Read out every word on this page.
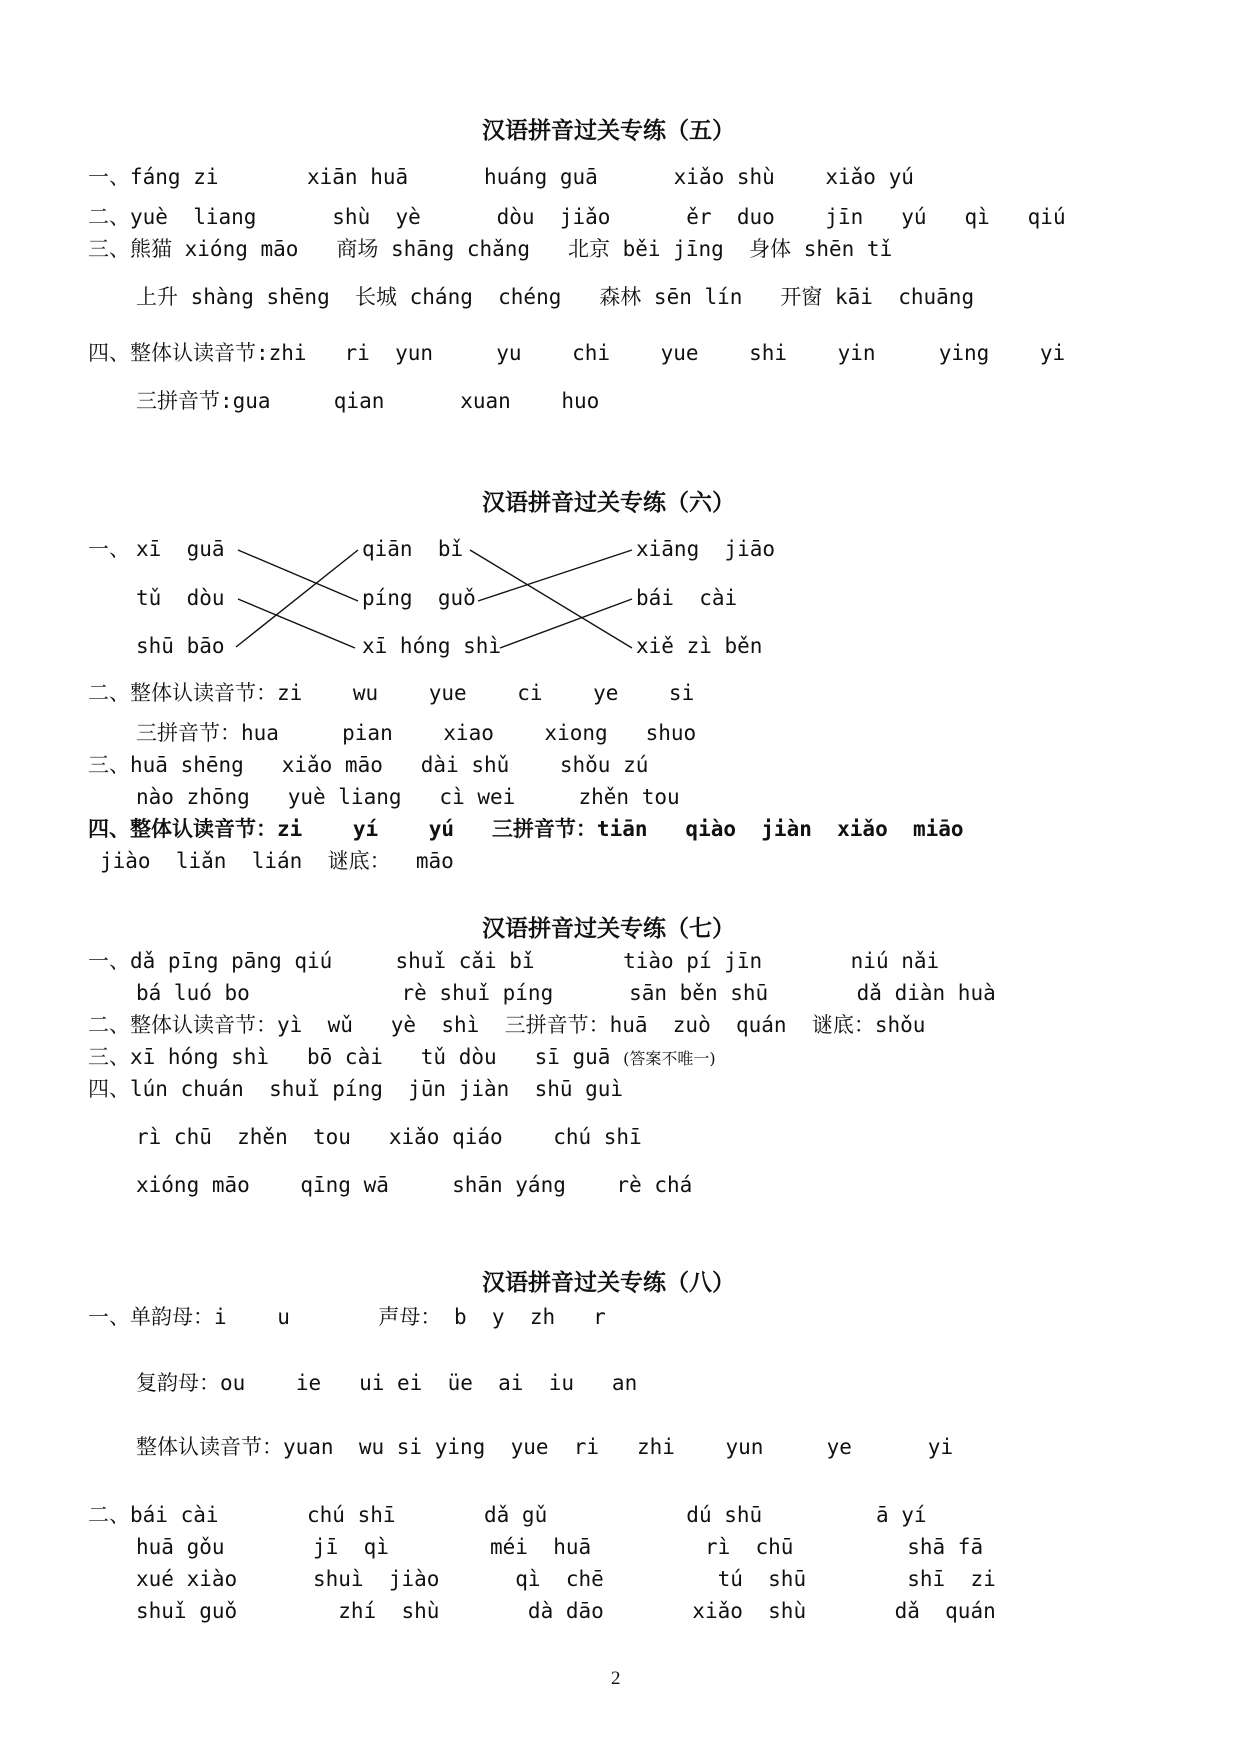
汉语拼音过关专练（五）
一、fáng zi       xiān huā      huáng guā      xiǎo shù    xiǎo yú
二、yuè  liang      shù  yè      dòu  jiǎo      ěr  duo    jīn   yú   qì   qiú
三、熊猫 xióng māo   商场 shāng chǎng   北京 běi jīng  身体 shēn tǐ
上升 shàng shēng  长城 cháng  chéng   森林 sēn lín   开窗 kāi  chuāng
四、整体认读音节:zhi   ri  yun     yu    chi    yue    shi    yin     ying    yi
三拼音节:gua     qian      xuan    huo
汉语拼音过关专练（六）
一、 xī  guā
tǔ  dòu
shū bāo
qiān  bǐ
píng  guǒ
xī hóng shì
xiāng  jiāo
bái  cài
xiě zì běn
二、整体认读音节：zi    wu    yue    ci    ye    si
三拼音节：hua     pian    xiao    xiong   shuo
三、huā shēng   xiǎo māo   dài shǔ    shǒu zú
nào zhōng   yuè liang   cì wei     zhěn tou
四、整体认读音节：zi    yí    yú   三拼音节：tiān   qiào  jiàn  xiǎo  miāo
jiào  liǎn  lián  谜底：  māo
汉语拼音过关专练（七）
一、dǎ pīng pāng qiú     shuǐ cǎi bǐ       tiào pí jīn       niú nǎi
bá luó bo            rè shuǐ píng      sān běn shū       dǎ diàn huà
二、整体认读音节：yì  wǔ   yè  shì  三拼音节：huā  zuò  quán  谜底：shǒu
三、xī hóng shì   bō cài   tǔ dòu   sī guā (答案不唯一)
四、lún chuán  shuǐ píng  jūn jiàn  shū guì
rì chū  zhěn  tou   xiǎo qiáo    chú shī
xióng māo    qīng wā     shān yáng    rè chá
汉语拼音过关专练（八）
一、单韵母：i    u       声母： b  y  zh   r
复韵母：ou    ie   ui ei  üe  ai  iu   an
整体认读音节：yuan  wu si ying  yue  ri   zhi    yun     ye      yi
二、bái cài       chú shī       dǎ gǔ           dú shū         ā yí
huā gǒu       jī  qì        méi  huā         rì  chū         shā fā
xué xiào      shuì  jiào      qì  chē         tú  shū        shī  zi
shuǐ guǒ        zhí  shù       dà dāo       xiǎo  shù       dǎ  quán
2
